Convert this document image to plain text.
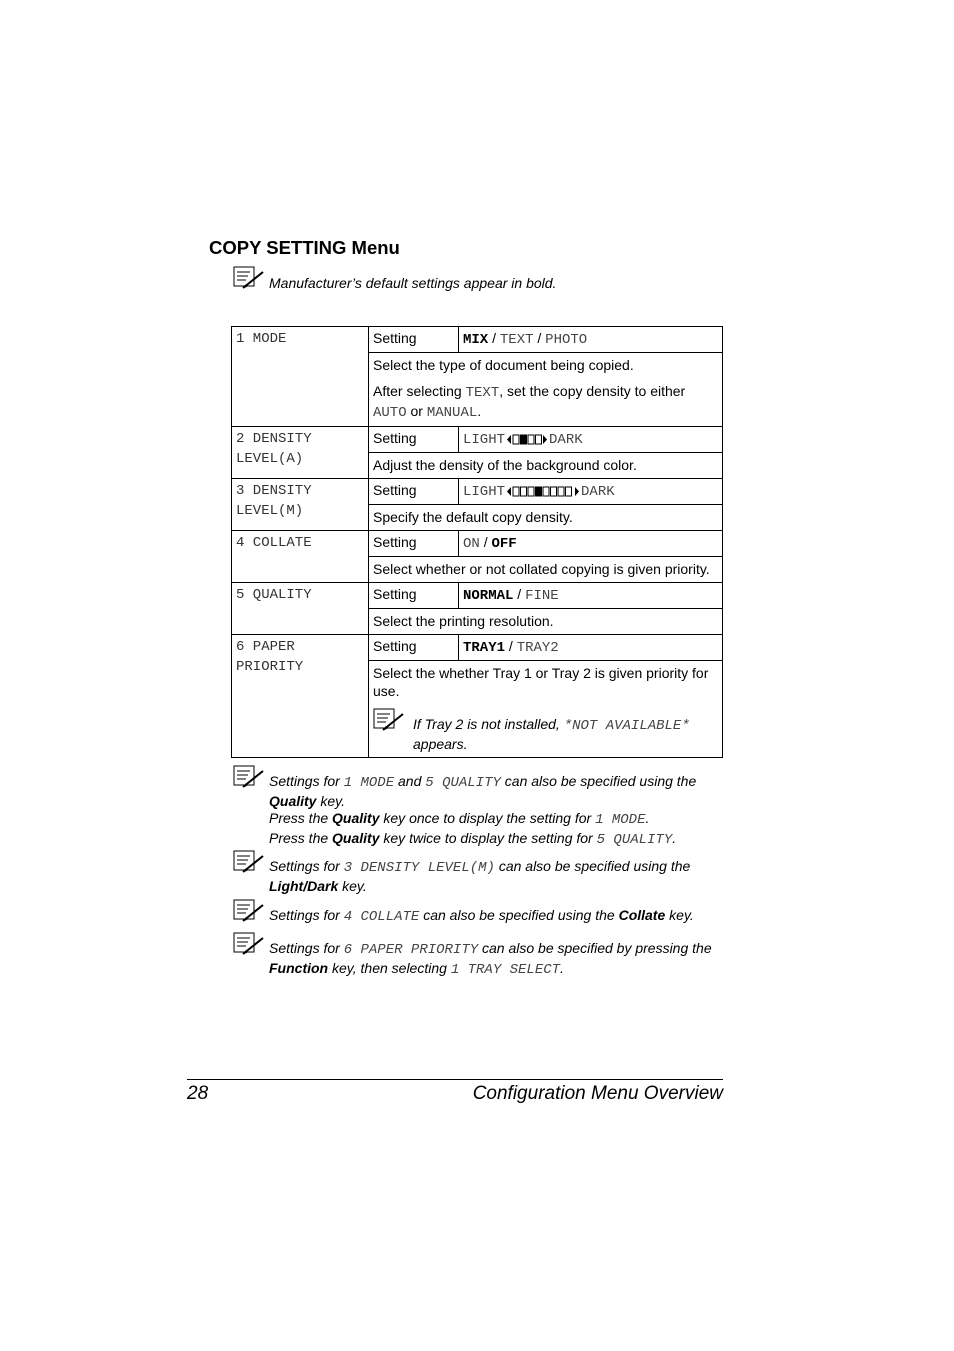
COPY SETTING Menu
Manufacturer’s default settings appear in bold.
1 MODE	Setting	MIX / TEXT / PHOTO

	Select the type of document being copied.

After selecting TEXT, set the copy density to either AUTO or MANUAL.	

2 DENSITY
LEVEL(A)	Setting	LIGHT DARK

	Adjust the density of the background color.	

3 DENSITY
LEVEL(M)	Setting	LIGHT DARK

	Specify the default copy density.	

4 COLLATE	Setting	ON / OFF

	Select whether or not collated copying is given priority.	

5 QUALITY	Setting	NORMAL / FINE

	Select the printing resolution.	

6 PAPER
PRIORITY	Setting	TRAY1 / TRAY2

	Select the whether Tray 1 or Tray 2 is given priority for use.

If Tray 2 is not installed, *NOT AVAILABLE* appears.	
Settings for 1 MODE and 5 QUALITY can also be specified using the Quality key.
Press the Quality key once to display the setting for 1 MODE.
Press the Quality key twice to display the setting for 5 QUALITY.
Settings for 3 DENSITY LEVEL(M) can also be specified using the Light/Dark key.
Settings for 4 COLLATE can also be specified using the Collate key.
Settings for 6 PAPER PRIORITY can also be specified by pressing the Function key, then selecting 1 TRAY SELECT.
28	Configuration Menu Overview
